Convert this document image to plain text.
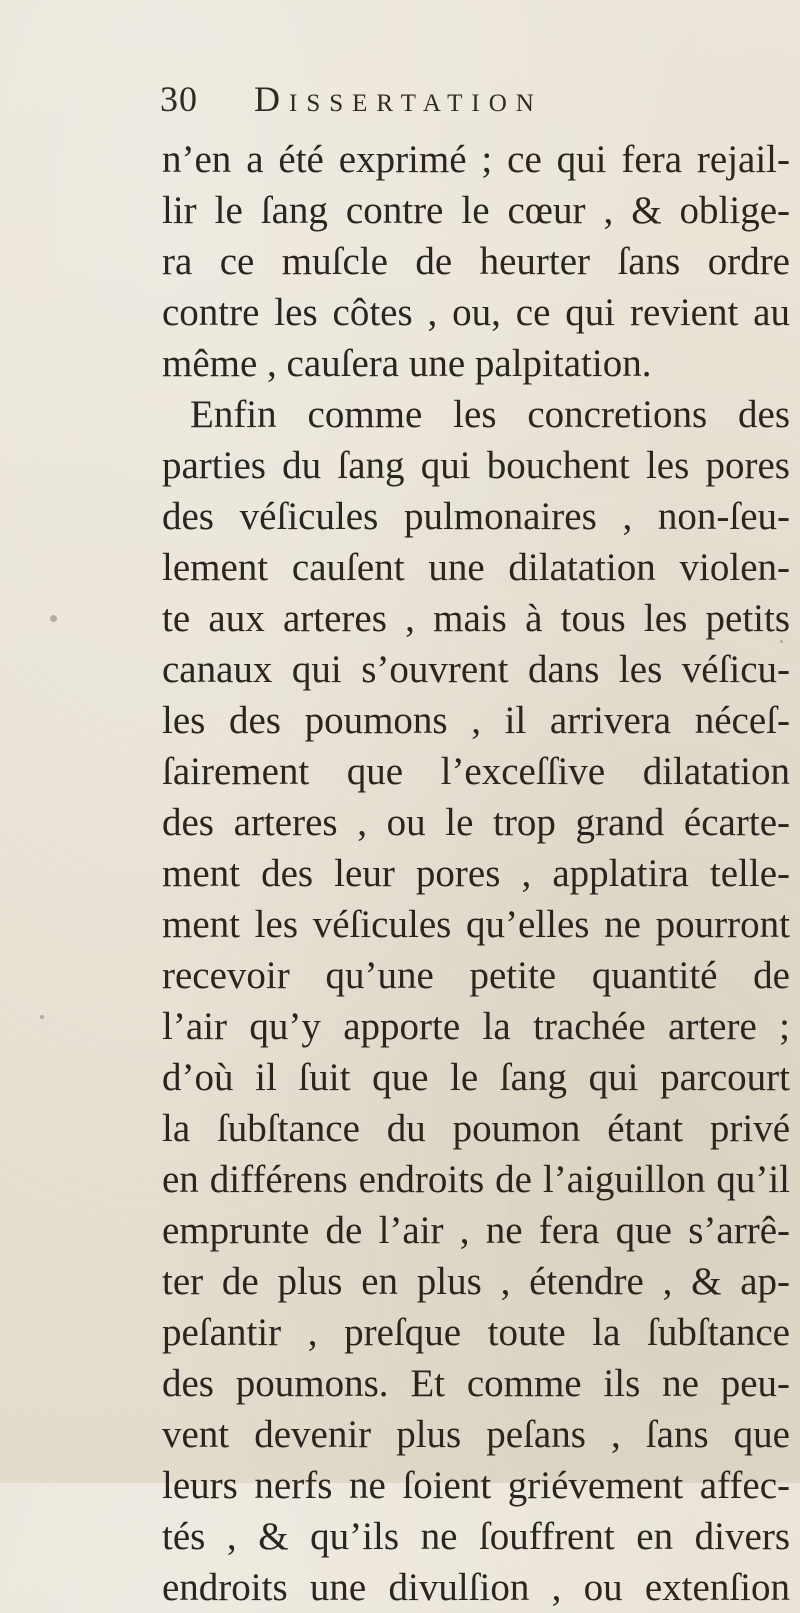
30 Dissertation
n’en a été exprimé ; ce qui fera rejail-
lir le ſang contre le cœur , & oblige-
ra ce muſcle de heurter ſans ordre
contre les côtes , ou, ce qui revient au
même , cauſera une palpitation.
Enfin comme les concretions des
parties du ſang qui bouchent les pores
des véſicules pulmonaires , non-ſeu-
lement cauſent une dilatation violen-
te aux arteres , mais à tous les petits
canaux qui s’ouvrent dans les véſicu-
les des poumons , il arrivera néceſ-
ſairement que l’exceſſive dilatation
des arteres , ou le trop grand écarte-
ment des leur pores , applatira telle-
ment les véſicules qu’elles ne pourront
recevoir qu’une petite quantité de
l’air qu’y apporte la trachée artere ;
d’où il ſuit que le ſang qui parcourt
la ſubſtance du poumon étant privé
en différens endroits de l’aiguillon qu’il
emprunte de l’air , ne fera que s’arrê-
ter de plus en plus , étendre , & ap-
peſantir , preſque toute la ſubſtance
des poumons. Et comme ils ne peu-
vent devenir plus peſans , ſans que
leurs nerfs ne ſoient griévement affec-
tés , & qu’ils ne ſouffrent en divers
endroits une divulſion , ou extenſion
